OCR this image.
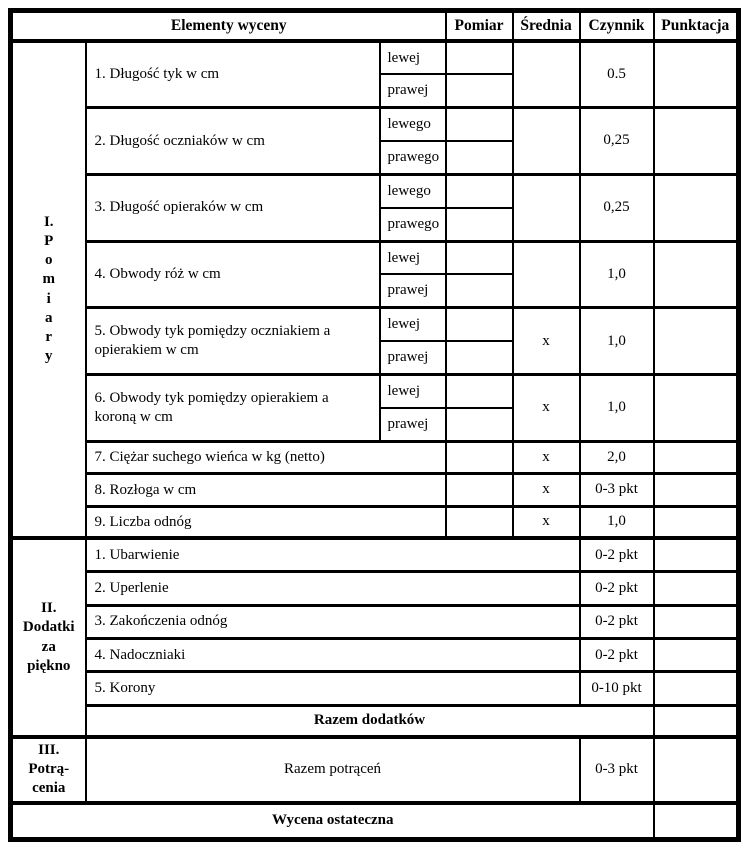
Elementy wyceny			Pomiar	Średnia	Czynnik	Punktacja

I.
P
o
m
i
a
r
y
	1. Długość tyk w cm	lewej			0.5	
		prawej				
	2. Długość oczniaków w cm	lewego			0,25	
		prawego				
	3. Długość opieraków w cm	lewego			0,25	
		prawego				
	4. Obwody róż w cm	lewej			1,0	
		prawej				
	5. Obwody tyk pomiędzy oczniakiem a opierakiem w cm	lewej		x	1,0	
		prawej				
	6. Obwody tyk pomiędzy opierakiem a koroną w cm	lewej		x	1,0	
		prawej				
	7. Ciężar suchego wieńca w kg (netto)			x	2,0	
	8. Rozłoga w cm			x	0-3 pkt	
	9. Liczba odnóg			x	1,0	

II.
Dodatki
za
piękno	1. Ubarwienie				0-2 pkt	
	2. Uperlenie				0-2 pkt	
	3. Zakończenia odnóg				0-2 pkt	
	4. Nadoczniaki				0-2 pkt	
	5. Korony				0-10 pkt	
	Razem dodatków					

III.
Potrą-
cenia	Razem potrąceń				0-3 pkt	
Wycena ostateczna						
